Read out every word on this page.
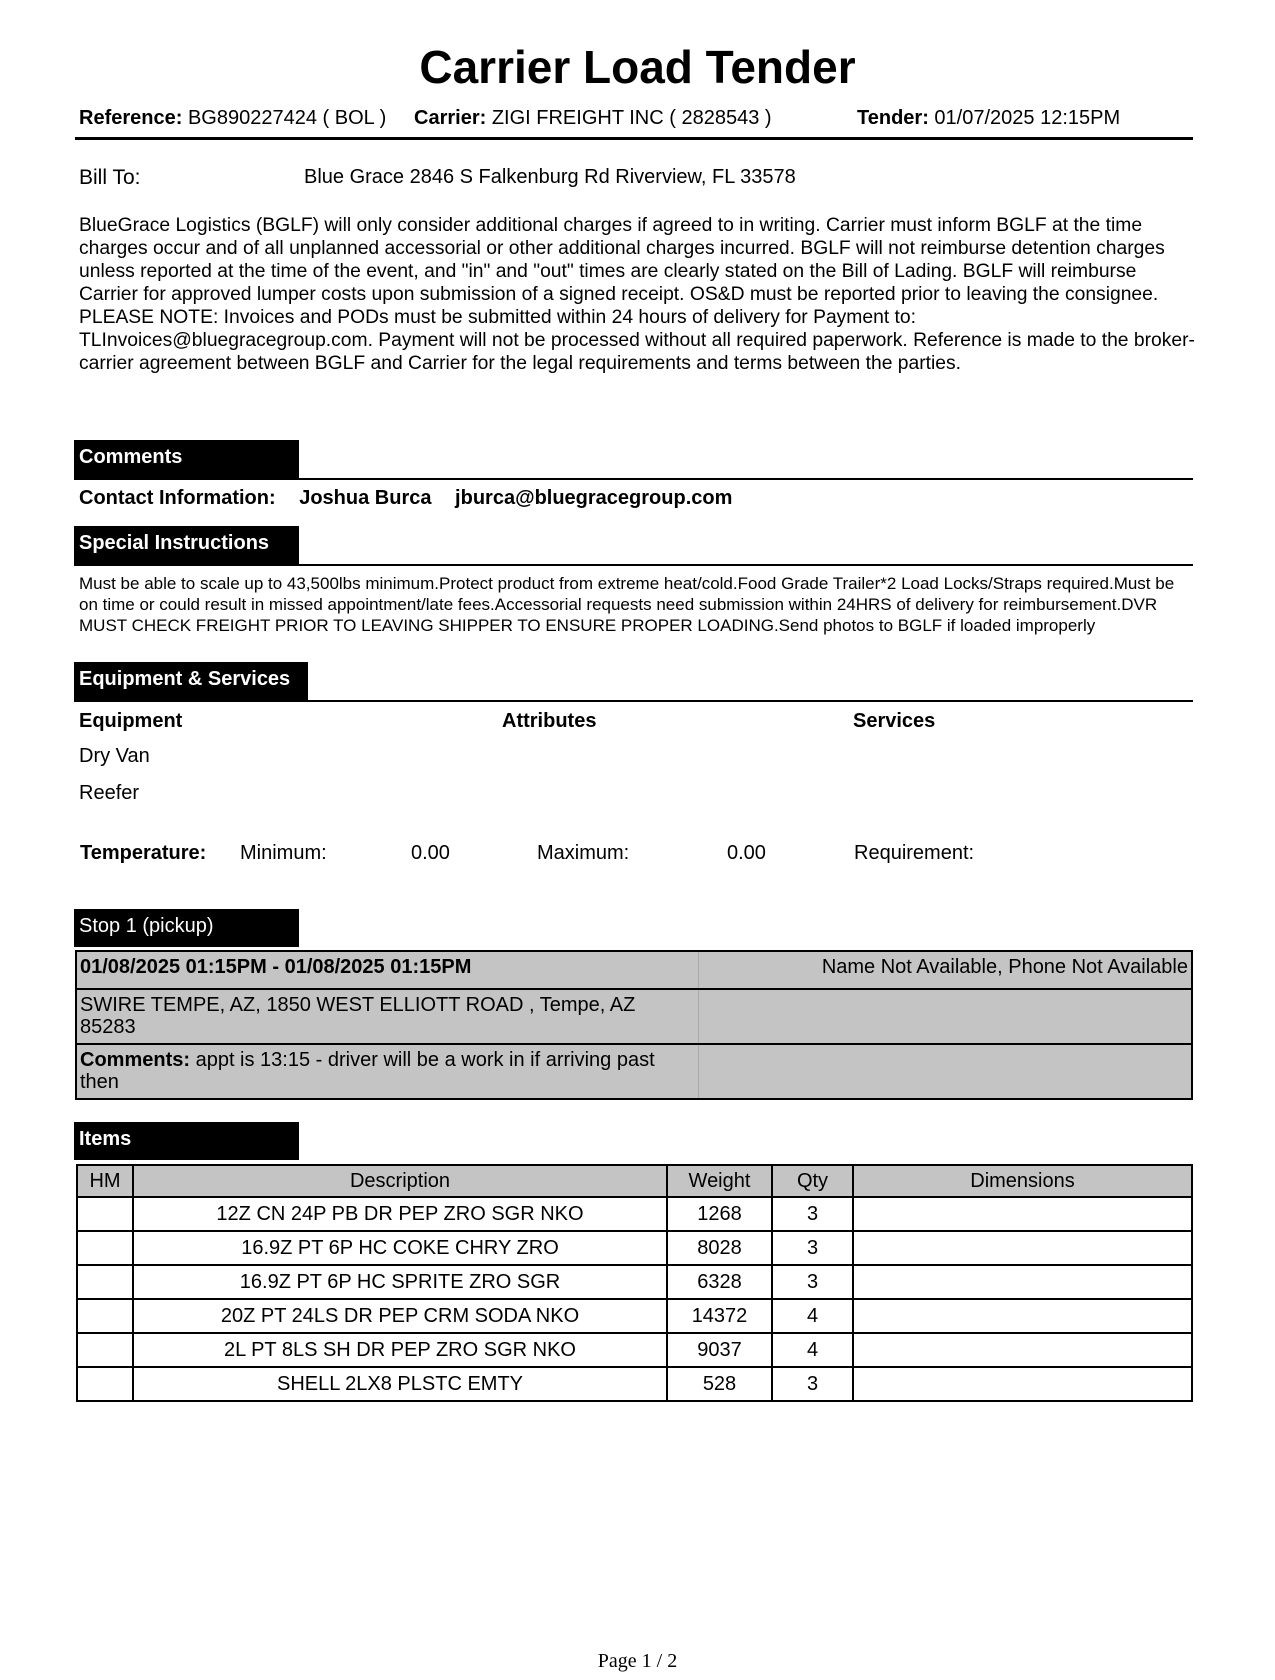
Carrier Load Tender
Reference: BG890227424 ( BOL ) Carrier: ZIGI FREIGHT INC ( 2828543 )	Tender: 01/07/2025 12:15PM
Bill To:	Blue Grace 2846 S Falkenburg Rd Riverview, FL 33578
BlueGrace Logistics (BGLF) will only consider additional charges if agreed to in writing. Carrier must inform BGLF at the time charges occur and of all unplanned accessorial or other additional charges incurred. BGLF will not reimburse detention charges unless reported at the time of the event, and "in" and "out" times are clearly stated on the Bill of Lading. BGLF will reimburse Carrier for approved lumper costs upon submission of a signed receipt. OS&D must be reported prior to leaving the consignee. PLEASE NOTE: Invoices and PODs must be submitted within 24 hours of delivery for Payment to: TLInvoices@bluegracegroup.com. Payment will not be processed without all required paperwork. Reference is made to the broker-carrier agreement between BGLF and Carrier for the legal requirements and terms between the parties.
Comments
Contact Information: Joshua Burca jburca@bluegracegroup.com
Special Instructions
Must be able to scale up to 43,500lbs minimum.Protect product from extreme heat/cold.Food Grade Trailer*2 Load Locks/Straps required.Must be on time or could result in missed appointment/late fees.Accessorial requests need submission within 24HRS of delivery for reimbursement.DVR MUST CHECK FREIGHT PRIOR TO LEAVING SHIPPER TO ENSURE PROPER LOADING.Send photos to BGLF if loaded improperly
Equipment & Services
Equipment	Attributes	Services
Dry Van
Reefer
Temperature: Minimum:	0.00	Maximum:	0.00	Requirement:
Stop 1 (pickup)
01/08/2025 01:15PM - 01/08/2025 01:15PM	Name Not Available, Phone Not Available
SWIRE TEMPE, AZ, 1850 WEST ELLIOTT ROAD , Tempe, AZ 85283
Comments: appt is 13:15 - driver will be a work in if arriving past then
Items
HM	Description	Weight	Qty	Dimensions
	12Z CN 24P PB DR PEP ZRO SGR NKO	1268	3	
	16.9Z PT 6P HC COKE CHRY ZRO	8028	3	
	16.9Z PT 6P HC SPRITE ZRO SGR	6328	3	
	20Z PT 24LS DR PEP CRM SODA NKO	14372	4	
	2L PT 8LS SH DR PEP ZRO SGR NKO	9037	4	
	SHELL 2LX8 PLSTC EMTY	528	3	
Page 1 / 2
